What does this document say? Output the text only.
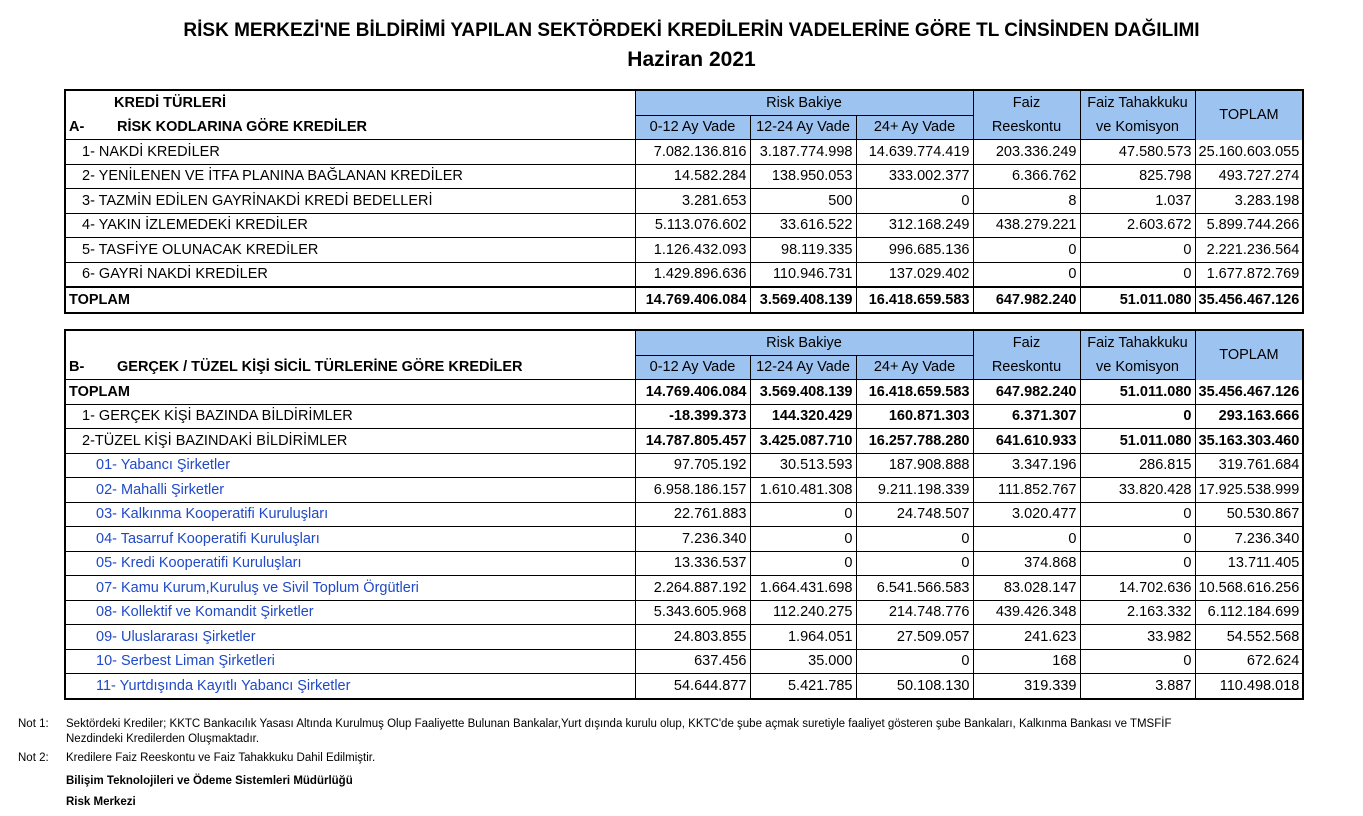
RİSK MERKEZİ'NE BİLDİRİMİ YAPILAN SEKTÖRDEKİ KREDİLERİN VADELERİNE GÖRE TL CİNSİNDEN DAĞILIMI
Haziran 2021
KREDİ TÜRLERİ	Risk Bakiye			Faiz	Faiz Tahakkuku	TOPLAM
A- RİSK KODLARINA GÖRE KREDİLER	0-12 Ay Vade	12-24 Ay Vade	24+ Ay Vade	Reeskontu	ve Komisyon	
1- NAKDİ KREDİLER	7.082.136.816	3.187.774.998	14.639.774.419	203.336.249	47.580.573	25.160.603.055
2- YENİLENEN VE İTFA PLANINA BAĞLANAN KREDİLER	14.582.284	138.950.053	333.002.377	6.366.762	825.798	493.727.274
3- TAZMİN EDİLEN GAYRİNAKDİ KREDİ BEDELLERİ	3.281.653	500	0	8	1.037	3.283.198
4- YAKIN İZLEMEDEKİ KREDİLER	5.113.076.602	33.616.522	312.168.249	438.279.221	2.603.672	5.899.744.266
5- TASFİYE OLUNACAK KREDİLER	1.126.432.093	98.119.335	996.685.136	0	0	2.221.236.564
6- GAYRİ NAKDİ KREDİLER	1.429.896.636	110.946.731	137.029.402	0	0	1.677.872.769
TOPLAM	14.769.406.084	3.569.408.139	16.418.659.583	647.982.240	51.011.080	35.456.467.126
	Risk Bakiye			Faiz	Faiz Tahakkuku	TOPLAM
B- GERÇEK / TÜZEL KİŞİ SİCİL TÜRLERİNE GÖRE KREDİLER	0-12 Ay Vade	12-24 Ay Vade	24+ Ay Vade	Reeskontu	ve Komisyon	
TOPLAM	14.769.406.084	3.569.408.139	16.418.659.583	647.982.240	51.011.080	35.456.467.126
1- GERÇEK KİŞİ BAZINDA BİLDİRİMLER	-18.399.373	144.320.429	160.871.303	6.371.307	0	293.163.666
2-TÜZEL KİŞİ BAZINDAKİ BİLDİRİMLER	14.787.805.457	3.425.087.710	16.257.788.280	641.610.933	51.011.080	35.163.303.460
01- Yabancı Şirketler	97.705.192	30.513.593	187.908.888	3.347.196	286.815	319.761.684
02- Mahalli Şirketler	6.958.186.157	1.610.481.308	9.211.198.339	111.852.767	33.820.428	17.925.538.999
03- Kalkınma Kooperatifi Kuruluşları	22.761.883	0	24.748.507	3.020.477	0	50.530.867
04- Tasarruf Kooperatifi Kuruluşları	7.236.340	0	0	0	0	7.236.340
05- Kredi Kooperatifi Kuruluşları	13.336.537	0	0	374.868	0	13.711.405
07- Kamu Kurum,Kuruluş ve Sivil Toplum Örgütleri	2.264.887.192	1.664.431.698	6.541.566.583	83.028.147	14.702.636	10.568.616.256
08- Kollektif ve Komandit Şirketler	5.343.605.968	112.240.275	214.748.776	439.426.348	2.163.332	6.112.184.699
09- Uluslararası Şirketler	24.803.855	1.964.051	27.509.057	241.623	33.982	54.552.568
10- Serbest Liman Şirketleri	637.456	35.000	0	168	0	672.624
11- Yurtdışında Kayıtlı Yabancı Şirketler	54.644.877	5.421.785	50.108.130	319.339	3.887	110.498.018
Not 1: Sektördeki Krediler; KKTC Bankacılık Yasası Altında Kurulmuş Olup Faaliyette Bulunan Bankalar,Yurt dışında kurulu olup, KKTC'de şube açmak suretiyle faaliyet gösteren şube Bankaları, Kalkınma Bankası ve TMSFİF
Nezdindeki Kredilerden Oluşmaktadır.
Not 2: Kredilere Faiz Reeskontu ve Faiz Tahakkuku Dahil Edilmiştir.
Bilişim Teknolojileri ve Ödeme Sistemleri Müdürlüğü
Risk Merkezi
